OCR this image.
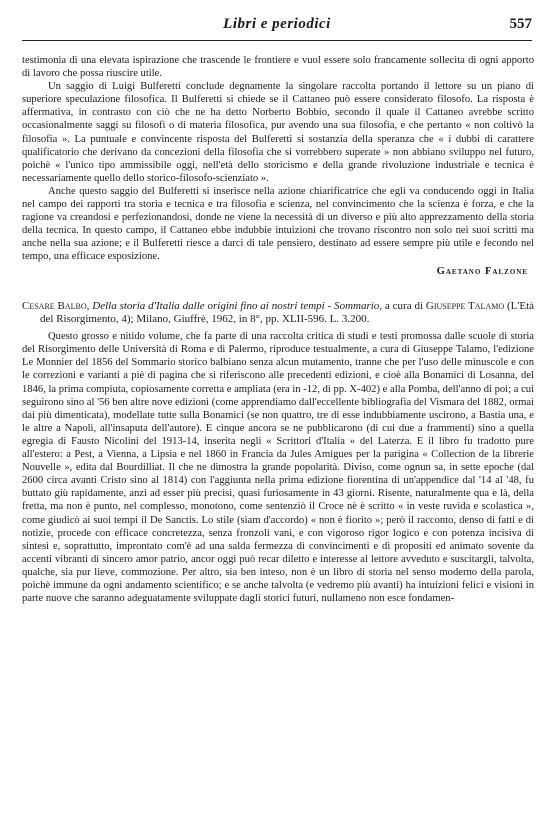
Libri e periodici	557

testimonia di una elevata ispirazione che trascende le frontiere e vuol essere solo francamente sollecita di ogni apporto di lavoro che possa riuscire utile.

Un saggio di Luigi Bulferetti conclude degnamente la singolare raccolta portando il lettore su un piano di superiore speculazione filosofica. Il Bulferetti si chiede se il Cattaneo può essere considerato filosofo. La risposta è affermativa, in contrasto con ciò che ne ha detto Norberto Bobbio, secondo il quale il Cattaneo avrebbe scritto occasionalmente saggi su filosofi o di materia filosofica, pur avendo una sua filosofia, e che pertanto « non coltivò la filosofia ». La puntuale e convincente risposta del Bulferetti si sostanzia della speranza che « i dubbi di carattere qualificatorio che derivano da concezioni della filosofia che si vorrebbero superate » non abbiano sviluppo nel futuro, poichè « l'unico tipo ammissibile oggi, nell'età dello storicismo e della grande rivoluzione industriale e tecnica è necessariamente quello dello storico-filosofo-scienziato ».

Anche questo saggio del Bulferetti si inserisce nella azione chiarificatrice che egli va conducendo oggi in Italia nel campo dei rapporti tra storia e tecnica e tra filosofia e scienza, nel convincimento che la scienza è forza, e che la ragione va creandosi e perfezionandosi, donde ne viene la necessità di un diverso e più alto apprezzamento della storia della tecnica. In questo campo, il Cattaneo ebbe indubbie intuizioni che trovano riscontro non solo nei suoi scritti ma anche nella sua azione; e il Bulferetti riesce a darci di tale pensiero, destinato ad essere sempre più utile e fecondo nel tempo, una efficace esposizione.

Gaetano Falzone

Cesare Balbo, Della storia d'Italia dalle origini fino ai nostri tempi - Sommario, a cura di Giuseppe Talamo (L'Età del Risorgimento, 4); Milano, Giuffrè, 1962, in 8°, pp. XLII-596. L. 3.200.

Questo grosso e nitido volume, che fa parte di una raccolta critica di studi e testi promossa dalle scuole di storia del Risorgimento delle Università di Roma e di Palermo, riproduce testualmente, a cura di Giuseppe Talamo, l'edizione Le Monnier del 1856 del Sommario storico balbiano senza alcun mutamento, tranne che per l'uso delle minuscole e con le correzioni e varianti a piè di pagina che si riferiscono alle precedenti edizioni, e cioè alla Bonamici di Losanna, del 1846, la prima compiuta, copiosamente corretta e ampliata (era in -12, di pp. X-402) e alla Pomba, dell'anno di poi; a cui seguirono sino al '56 ben altre nove edizioni (come apprendiamo dall'eccellente bibliografia del Vismara del 1882, ormai dai più dimenticata), modellate tutte sulla Bonamici (se non quattro, tre di esse indubbiamente uscirono, a Bastia una, e le altre a Napoli, all'insaputa dell'autore). E cinque ancora se ne pubblicarono (di cui due a frammenti) sino a quella egregia di Fausto Nicolini del 1913-14, inserita negli « Scrittori d'Italia » del Laterza. E il libro fu tradotto pure all'estero: a Pest, a Vienna, a Lipsia e nel 1860 in Francia da Jules Amigues per la parigina « Collection de la librerie Nouvelle », edita dal Bourdilliat. Il che ne dimostra la grande popolarità. Diviso, come ognun sa, in sette epoche (dal 2600 circa avanti Cristo sino al 1814) con l'aggiunta nella prima edizione fiorentina di un'appendice dal '14 al '48, fu buttato giù rapidamente, anzi ad esser più precisi, quasi furiosamente in 43 giorni. Risente, naturalmente qua e là, della fretta, ma non è punto, nel complesso, monotono, come sentenziò il Croce nè è scritto « in veste ruvida e scolastica », come giudicò ai suoi tempi il De Sanctis. Lo stile (siam d'accordo) « non è fiorito »; però il racconto, denso di fatti e di notizie, procede con efficace concretezza, senza fronzoli vani, e con vigoroso rigor logico e con potenza incisiva di sintesi e, soprattutto, improntato com'è ad una salda fermezza di convincimenti e di propositi ed animato sovente da accenti vibranti di sincero amor patrio, ancor oggi può recar diletto e interesse al lettore avveduto e suscitargli, talvolta, qualche, sia pur lieve, commozione. Per altro, sia ben inteso, non è un libro di storia nel senso moderno della parola, poichè immune da ogni andamento scientifico; e se anche talvolta (e vedremo più avanti) ha intuizioni felici e visioni in parte nuove che saranno adeguatamente sviluppate dagli storici futuri, nullameno non esce fondamen-
